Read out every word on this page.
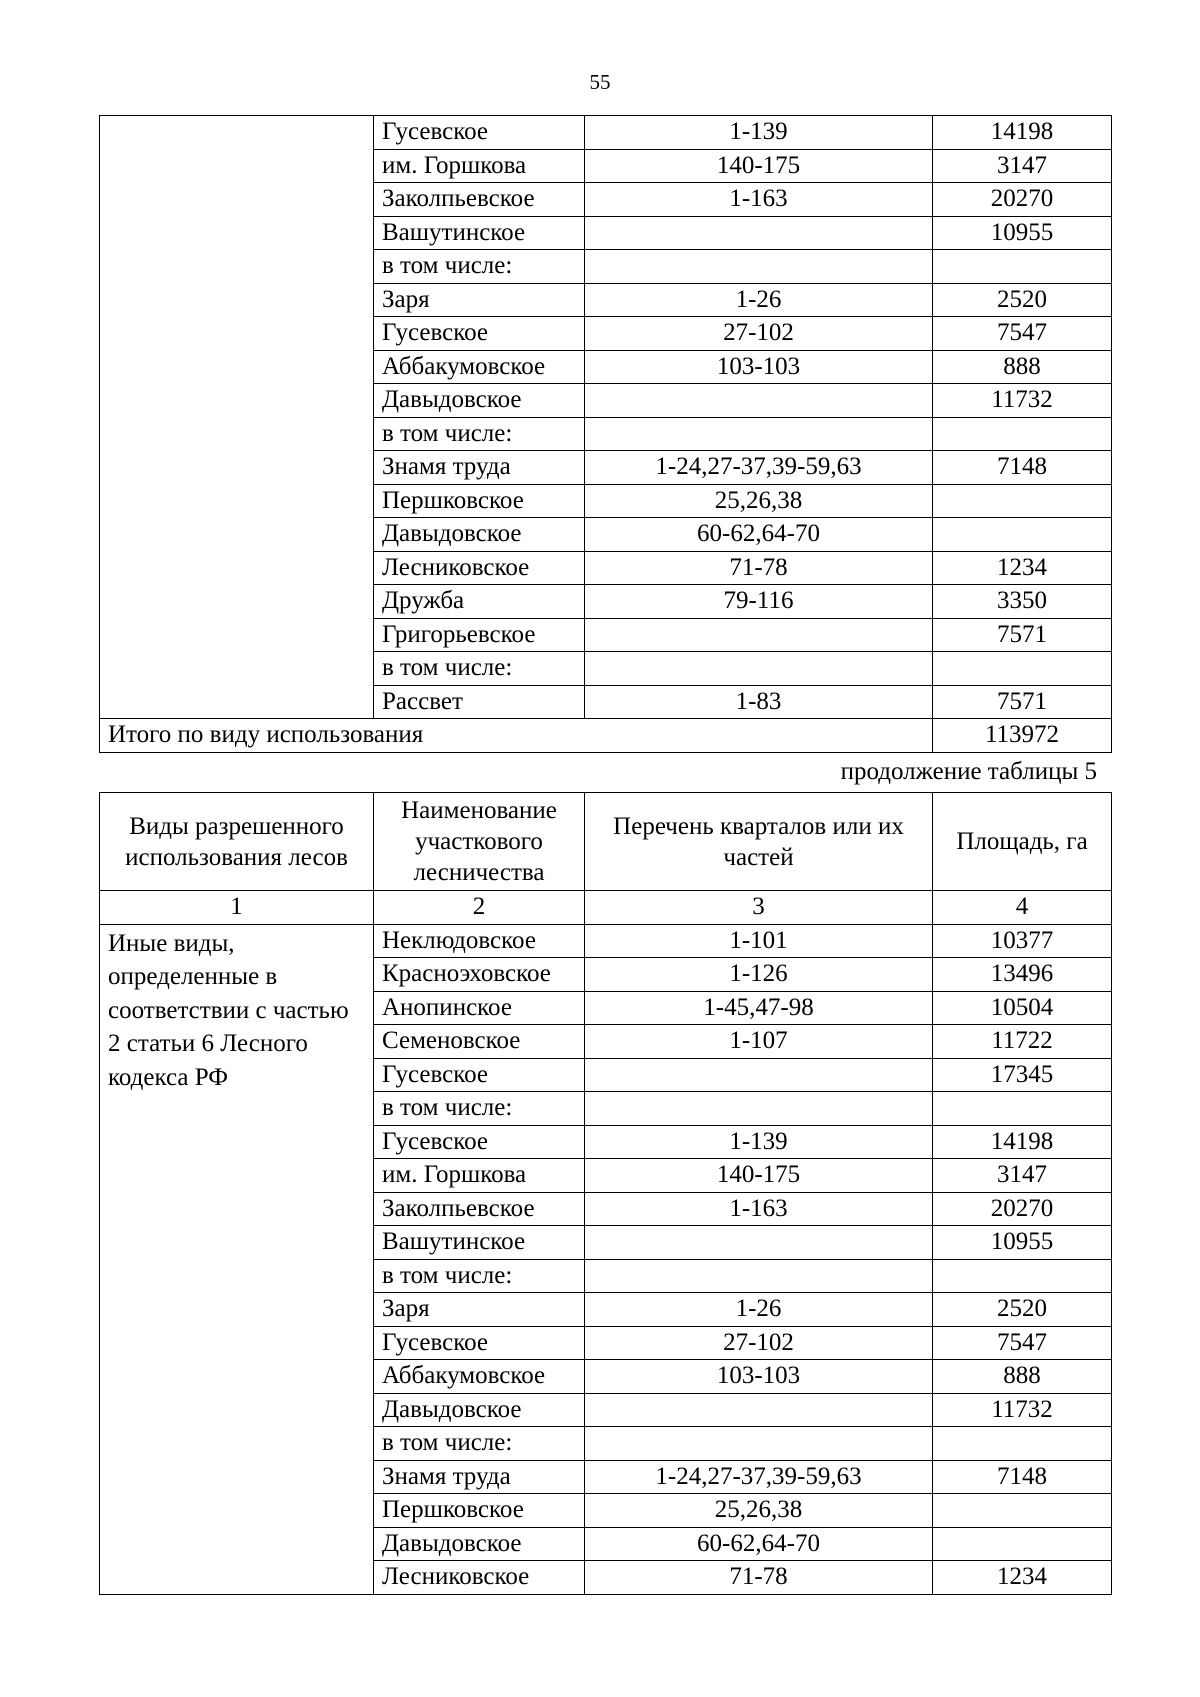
55
	Гусевское	1-139	14198
	им. Горшкова	140-175	3147
	Заколпьевское	1-163	20270
	Вашутинское		10955
	в том числе:		
	Заря	1-26	2520
	Гусевское	27-102	7547
	Аббакумовское	103-103	888
	Давыдовское		11732
	в том числе:		
	Знамя труда	1-24,27-37,39-59,63	7148
	Першковское	25,26,38	
	Давыдовское	60-62,64-70	
	Лесниковское	71-78	1234
	Дружба	79-116	3350
	Григорьевское		7571
	в том числе:		
	Рассвет	1-83	7571
Итого по виду использования			113972
продолжение таблицы 5
Виды разрешенного использования лесов	Наименование участкового лесничества	Перечень кварталов или их частей	Площадь, га
1	2	3	4
Иные виды, определенные в соответствии с частью 2 статьи 6 Лесного кодекса РФ	Неклюдовское	1-101	10377
	Красноэховское	1-126	13496
	Анопинское	1-45,47-98	10504
	Семеновское	1-107	11722
	Гусевское		17345
	в том числе:		
	Гусевское	1-139	14198
	им. Горшкова	140-175	3147
	Заколпьевское	1-163	20270
	Вашутинское		10955
	в том числе:		
	Заря	1-26	2520
	Гусевское	27-102	7547
	Аббакумовское	103-103	888
	Давыдовское		11732
	в том числе:		
	Знамя труда	1-24,27-37,39-59,63	7148
	Першковское	25,26,38	
	Давыдовское	60-62,64-70	
	Лесниковское	71-78	1234
